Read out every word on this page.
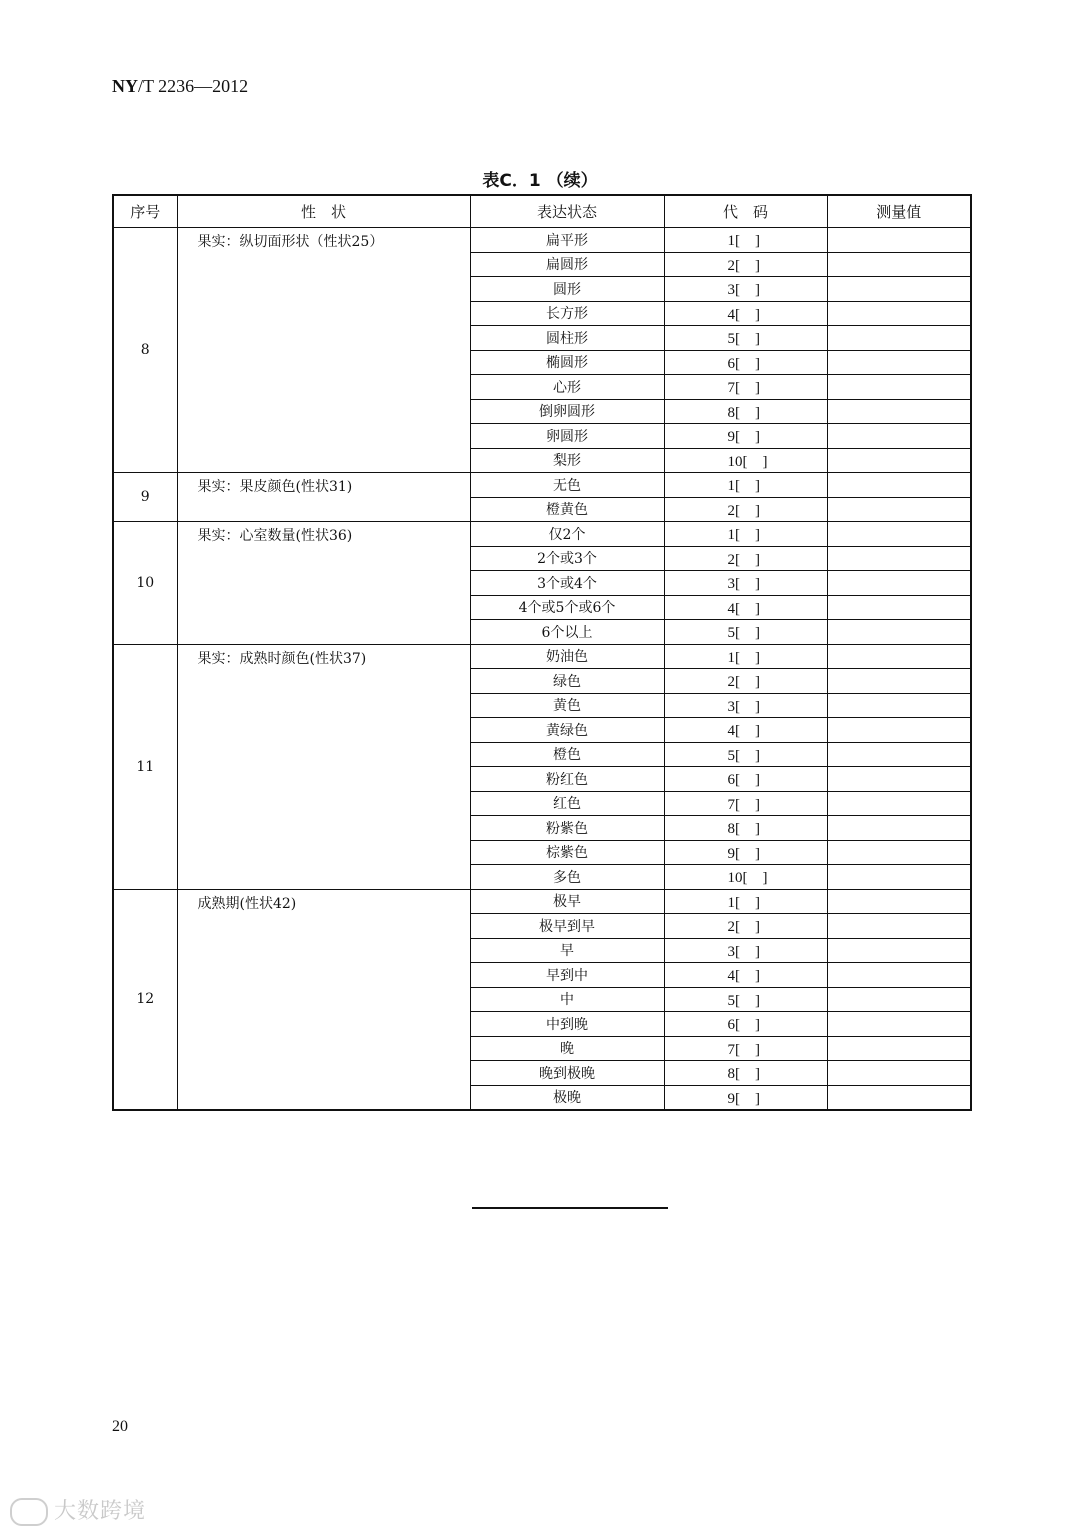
NY/T 2236—2012
表C．1 （续）
序号	性　状	表达状态	代　码	测量值
8	果实：纵切面形状（性状25）	扁平形	1[　]	
		扁圆形	2[　]	
		圆形	3[　]	
		长方形	4[　]	
		圆柱形	5[　]	
		椭圆形	6[　]	
		心形	7[　]	
		倒卵圆形	8[　]	
		卵圆形	9[　]	
		梨形	10[　]	
9	果实：果皮颜色(性状31)	无色	1[　]	
		橙黄色	2[　]	
10	果实：心室数量(性状36)	仅2个	1[　]	
		2个或3个	2[　]	
		3个或4个	3[　]	
		4个或5个或6个	4[　]	
		6个以上	5[　]	
11	果实：成熟时颜色(性状37)	奶油色	1[　]	
		绿色	2[　]	
		黄色	3[　]	
		黄绿色	4[　]	
		橙色	5[　]	
		粉红色	6[　]	
		红色	7[　]	
		粉紫色	8[　]	
		棕紫色	9[　]	
		多色	10[　]	
12	成熟期(性状42)	极早	1[　]	
		极早到早	2[　]	
		早	3[　]	
		早到中	4[　]	
		中	5[　]	
		中到晚	6[　]	
		晚	7[　]	
		晚到极晚	8[　]	
		极晚	9[　]	
20
大数跨境
